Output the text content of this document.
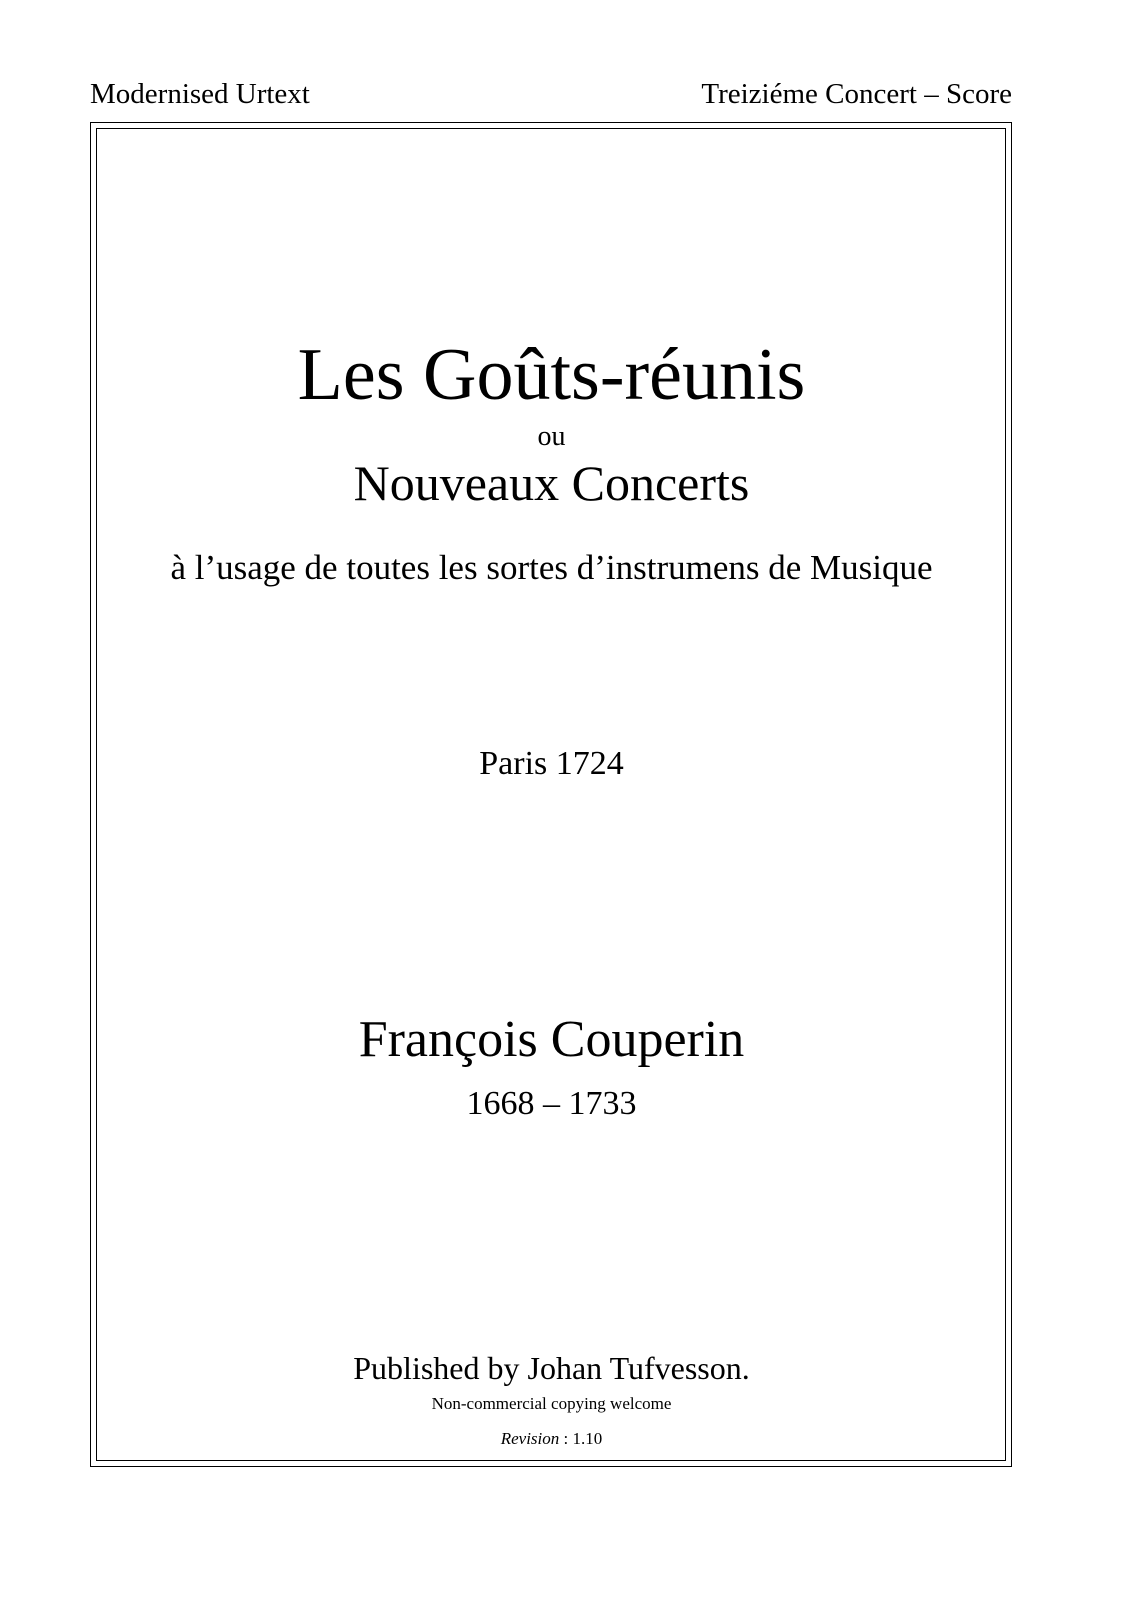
Modernised Urtext	Treiziéme Concert – Score
Les Goûts-réunis
ou
Nouveaux Concerts
à l’usage de toutes les sortes d’instrumens de Musique
Paris 1724
François Couperin
1668 – 1733
Published by Johan Tufvesson.
Non-commercial copying welcome
Revision : 1.10
